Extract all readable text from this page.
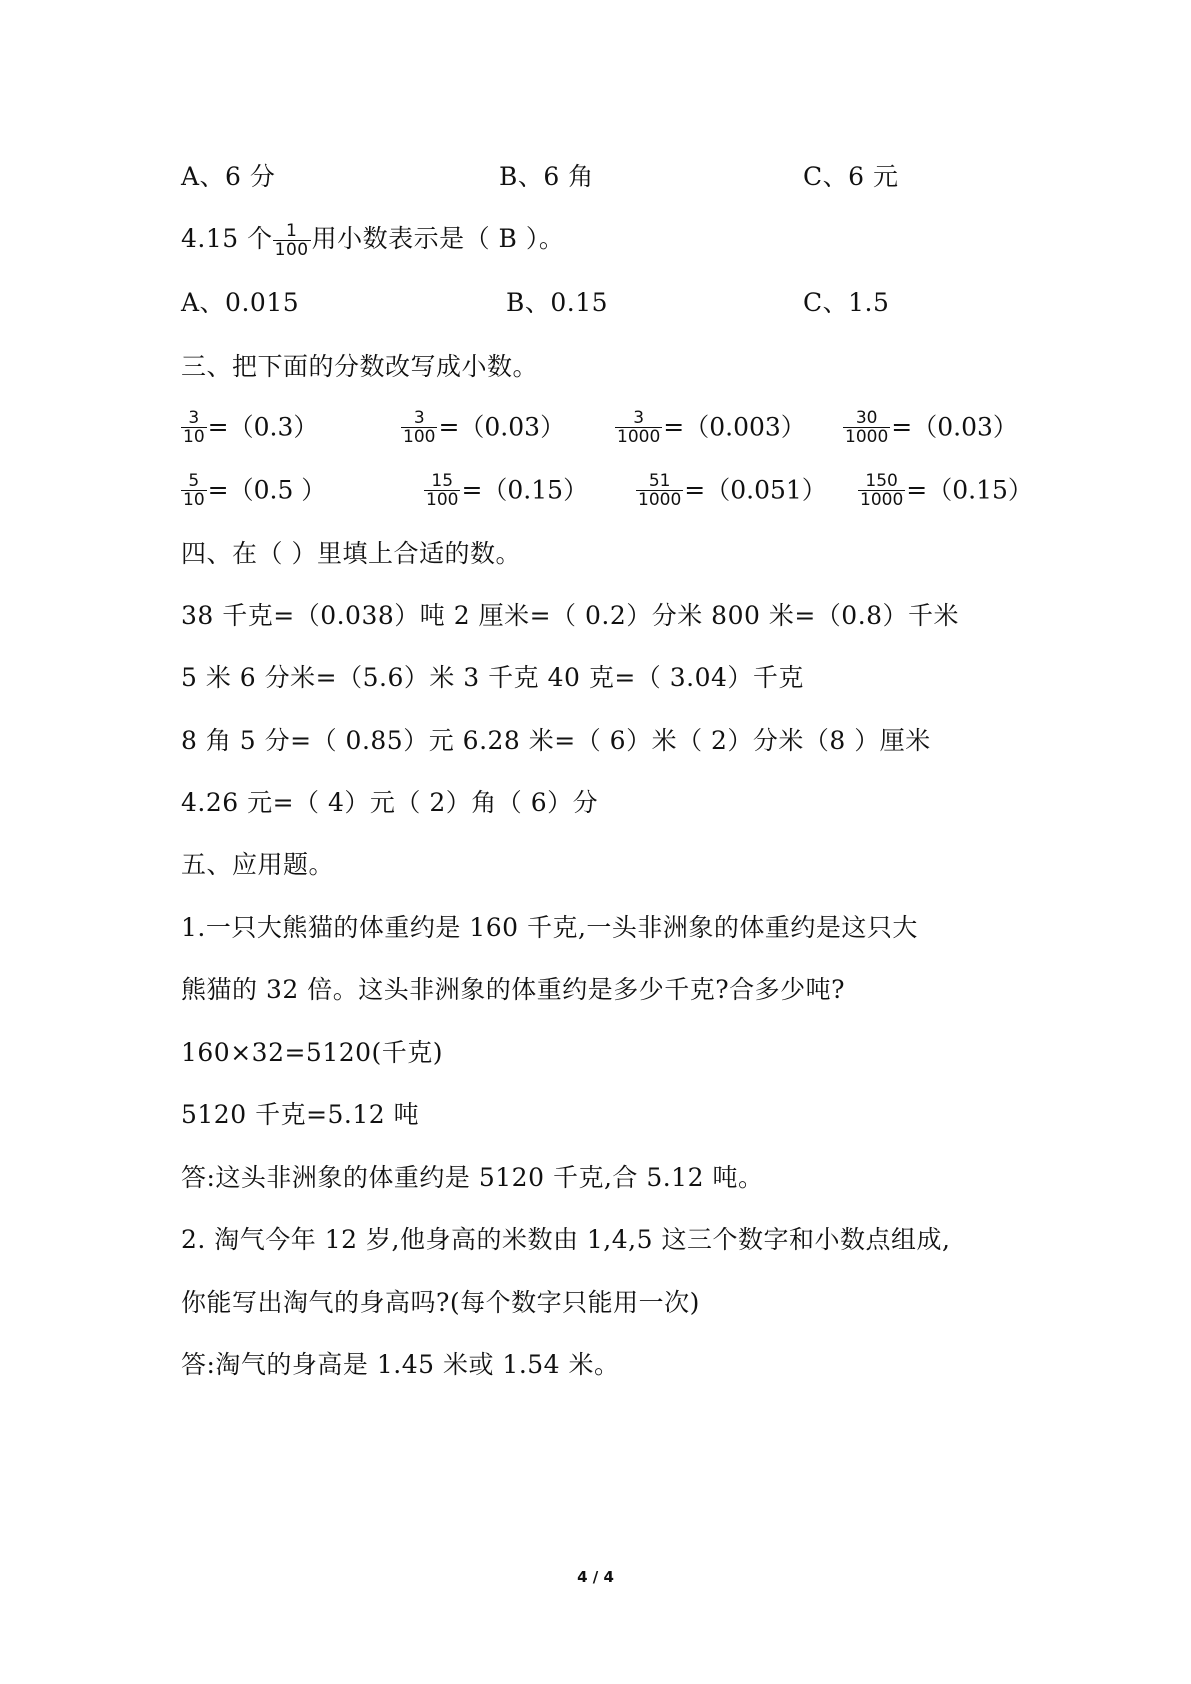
A、6 分	B、6 角	C、6 元
4.15 个 $\frac{1}{100}$ 用小数表示是（ B ）。
A、0.015	B、0.15	C、1.5
三、把下面的分数改写成小数。
$\frac{3}{10} =(0.3)$	$\frac{3}{100} =(0.03)$	$\frac{3}{1000} =(0.003) \frac{30}{1000} =(0.03)$
$\frac{5}{10} =(0.5$ ）	$\frac{15}{100} =(0.15)$	$\frac{51}{1000} =(0.051) \frac{150}{1000} =(0.15)$
四、在（ ）里填上合适的数。
38 千克=（0.038）吨 2 厘米=（ 0.2）分米 800 米=（0.8）千米
5 米 6 分米=（5.6）米 3 千克 40 克=（ 3.04）千克
8 角 5 分=（ 0.85）元 6.28 米=（ 6）米（ 2）分米（8 ）厘米
4.26 元=（ 4）元（ 2）角（ 6）分
五、应用题。
1.一只大熊猫的体重约是 160 千克,一头非洲象的体重约是这只大
熊猫的 32 倍。这头非洲象的体重约是多少千克?合多少吨?
160×32=5120(千克)
5120 千克=5.12 吨
答:这头非洲象的体重约是 5120 千克,合 5.12 吨。
2. 淘气今年 12 岁,他身高的米数由 1,4,5 这三个数字和小数点组成,
你能写出淘气的身高吗?(每个数字只能用一次)
答:淘气的身高是 1.45 米或 1.54 米。
4 / 4
